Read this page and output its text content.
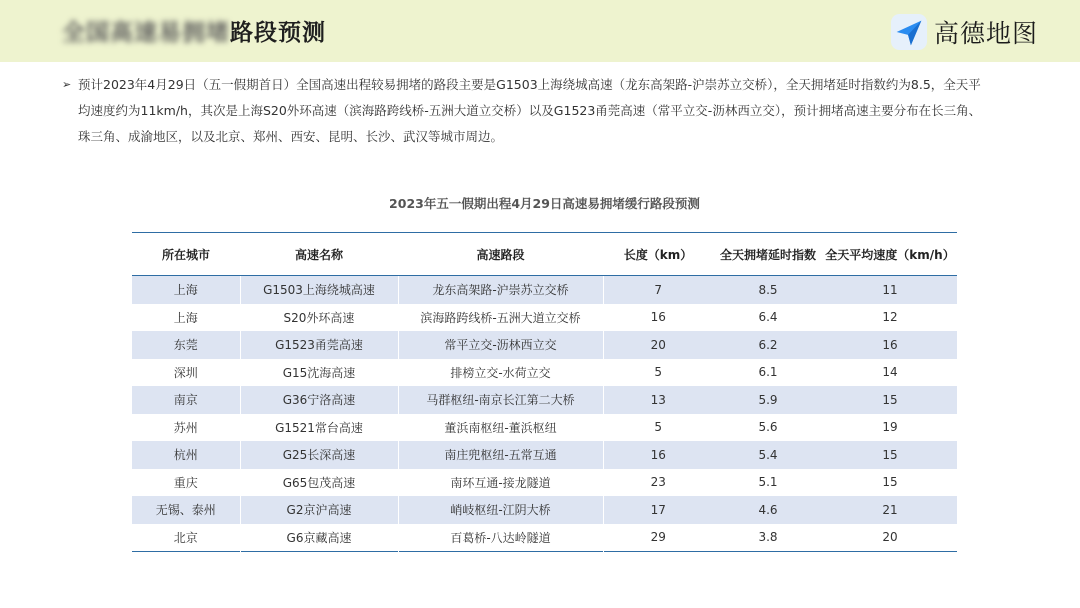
全国高速易拥堵路段预测	高德地图
➢ 预计2023年4月29日（五一假期首日）全国高速出程较易拥堵的路段主要是G1503上海绕城高速（龙东高架路-沪崇苏立交桥），全天拥堵延时指数约为8.5，全天平均速度约为11km/h，其次是上海S20外环高速（滨海路跨线桥-五洲大道立交桥）以及G1523甬莞高速（常平立交-沥林西立交），预计拥堵高速主要分布在长三角、珠三角、成渝地区，以及北京、郑州、西安、昆明、长沙、武汉等城市周边。
2023年五一假期出程4月29日高速易拥堵缓行路段预测
所在城市	高速名称	高速路段	长度（km）	全天拥堵延时指数	全天平均速度（km/h）
上海	G1503上海绕城高速	龙东高架路-沪崇苏立交桥	7	8.5	11
上海	S20外环高速	滨海路跨线桥-五洲大道立交桥	16	6.4	12
东莞	G1523甬莞高速	常平立交-沥林西立交	20	6.2	16
深圳	G15沈海高速	排榜立交-水荷立交	5	6.1	14
南京	G36宁洛高速	马群枢纽-南京长江第二大桥	13	5.9	15
苏州	G1521常台高速	董浜南枢纽-董浜枢纽	5	5.6	19
杭州	G25长深高速	南庄兜枢纽-五常互通	16	5.4	15
重庆	G65包茂高速	南环互通-接龙隧道	23	5.1	15
无锡、泰州	G2京沪高速	峭岐枢纽-江阴大桥	17	4.6	21
北京	G6京藏高速	百葛桥-八达岭隧道	29	3.8	20
